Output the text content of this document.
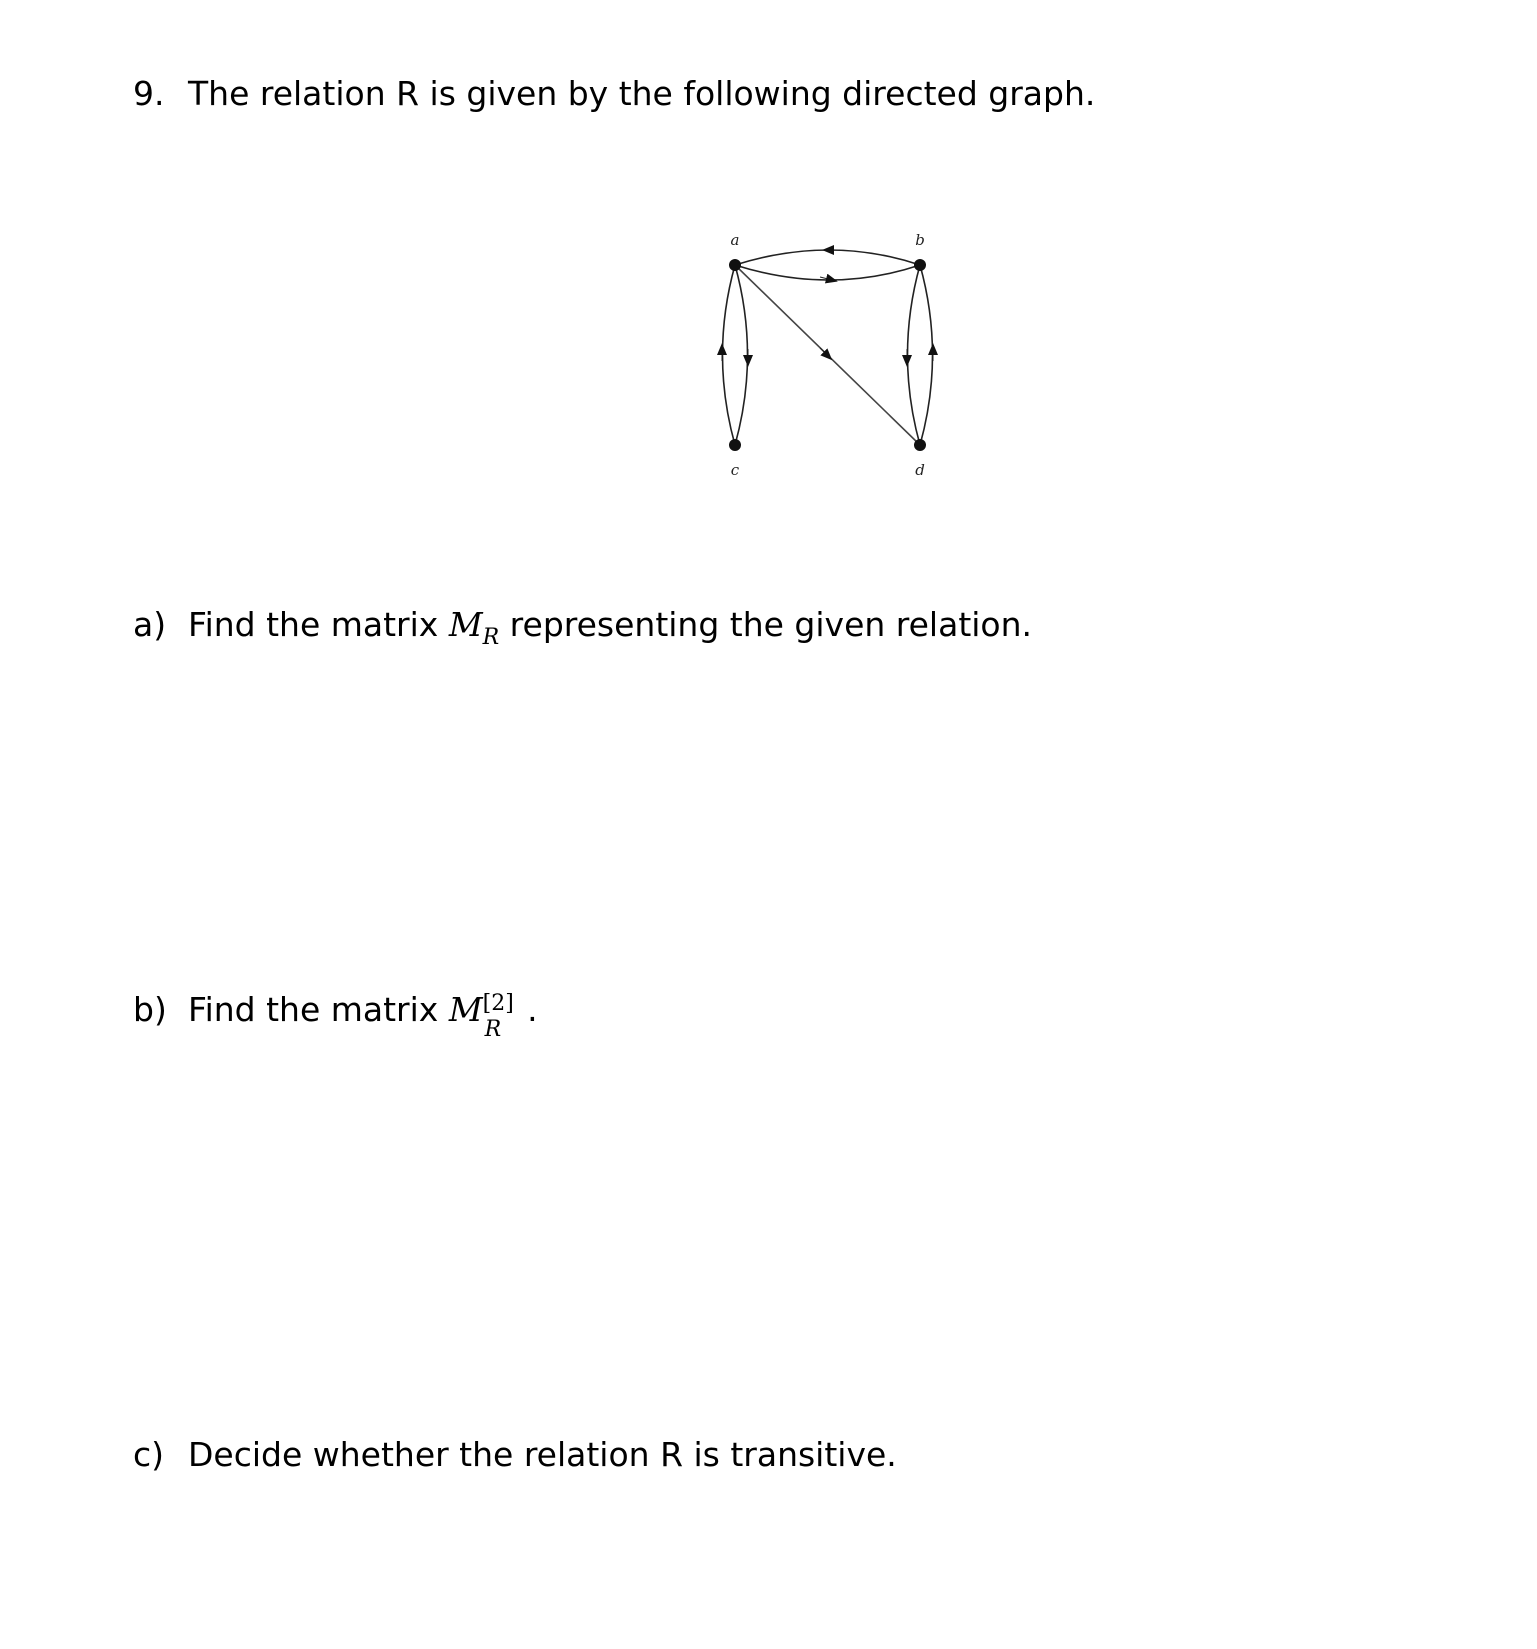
9. The relation R is given by the following directed graph.
a	b
c	d
a) Find the matrix $M_R$ representing the given relation.
b) Find the matrix M [2]
R
.
c) Decide whether the relation R is transitive.
